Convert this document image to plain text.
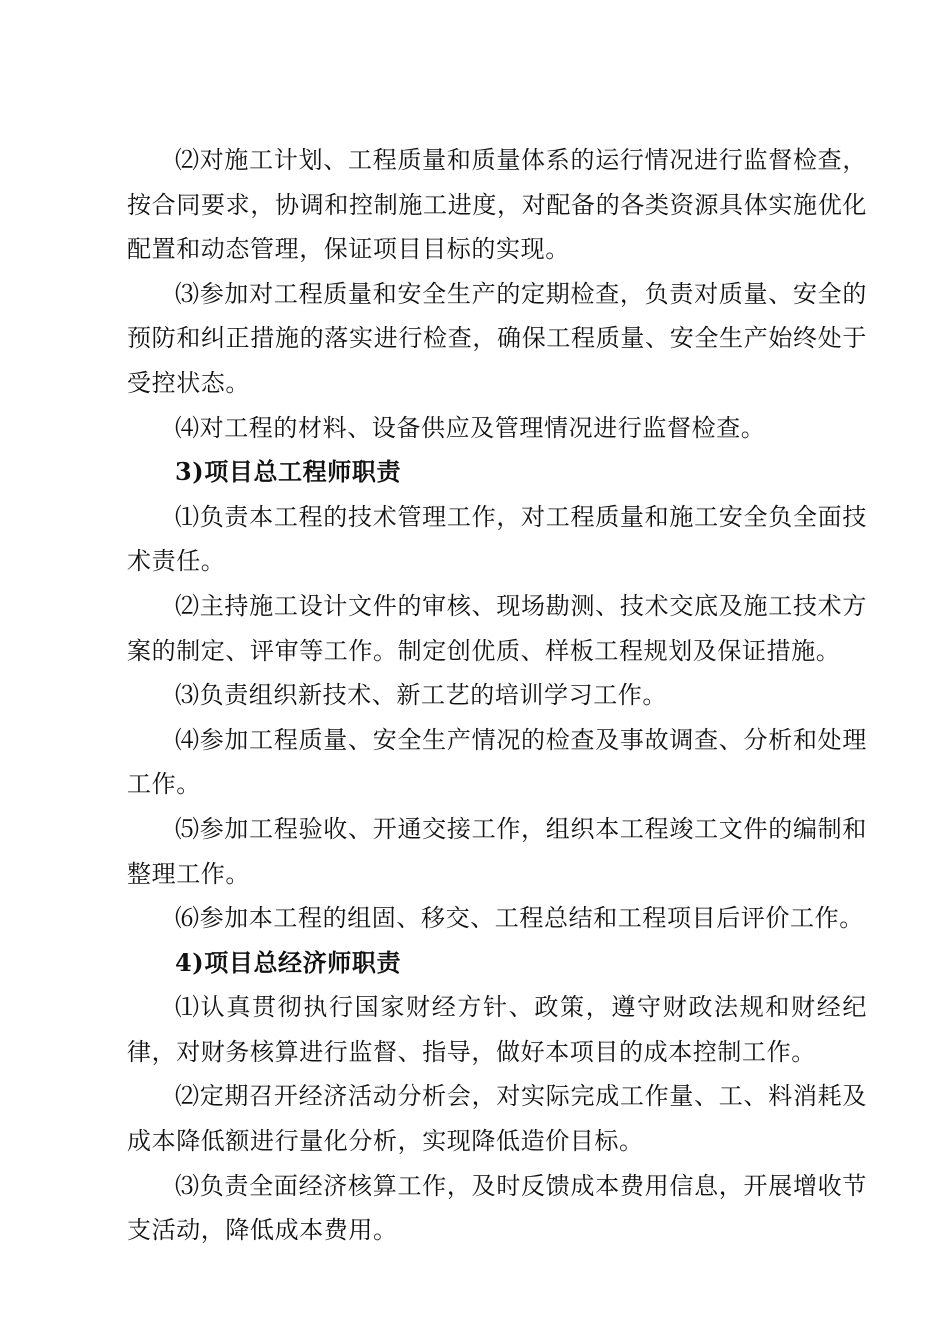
⑵对施工计划、工程质量和质量体系的运行情况进行监督检查，按合同要求，协调和控制施工进度，对配备的各类资源具体实施优化配置和动态管理，保证项目目标的实现。

⑶参加对工程质量和安全生产的定期检查，负责对质量、安全的预防和纠正措施的落实进行检查，确保工程质量、安全生产始终处于受控状态。

⑷对工程的材料、设备供应及管理情况进行监督检查。

3)项目总工程师职责

⑴负责本工程的技术管理工作，对工程质量和施工安全负全面技术责任。

⑵主持施工设计文件的审核、现场勘测、技术交底及施工技术方案的制定、评审等工作。制定创优质、样板工程规划及保证措施。

⑶负责组织新技术、新工艺的培训学习工作。

⑷参加工程质量、安全生产情况的检查及事故调查、分析和处理工作。

⑸参加工程验收、开通交接工作，组织本工程竣工文件的编制和整理工作。

⑹参加本工程的组固、移交、工程总结和工程项目后评价工作。

4)项目总经济师职责

⑴认真贯彻执行国家财经方针、政策，遵守财政法规和财经纪律，对财务核算进行监督、指导，做好本项目的成本控制工作。

⑵定期召开经济活动分析会，对实际完成工作量、工、料消耗及成本降低额进行量化分析，实现降低造价目标。

⑶负责全面经济核算工作，及时反馈成本费用信息，开展增收节支活动，降低成本费用。
